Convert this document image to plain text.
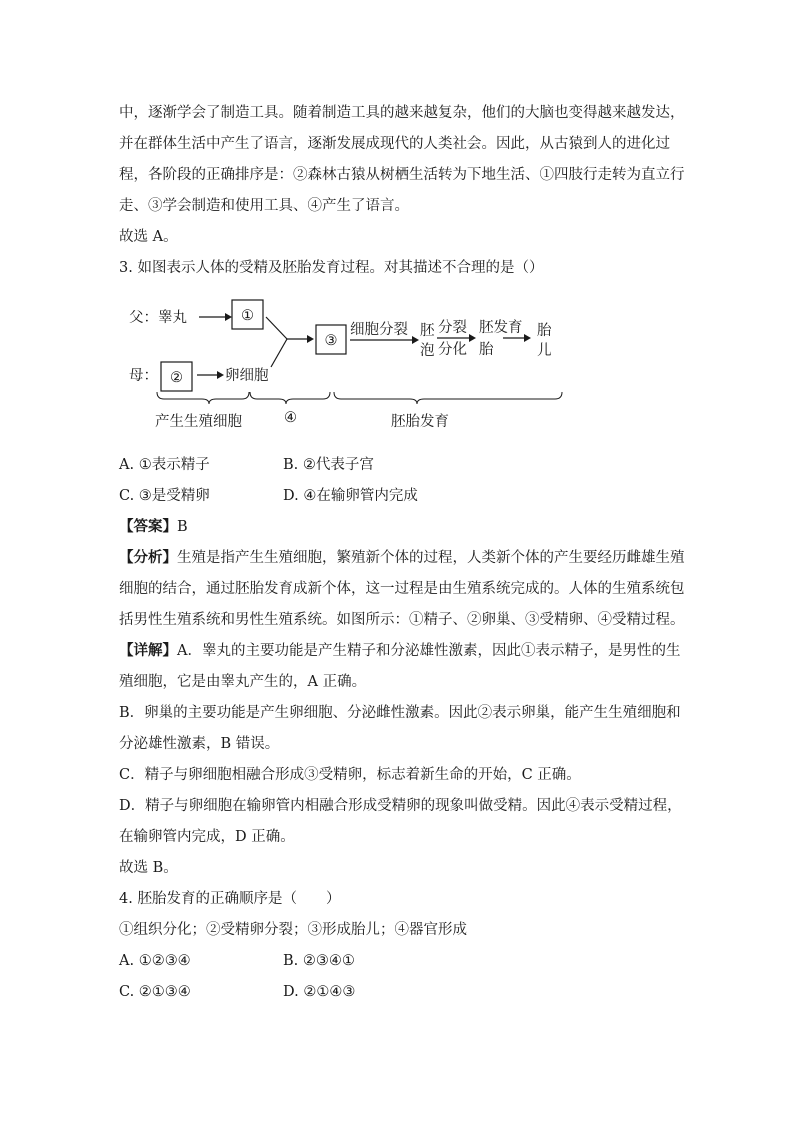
中，逐渐学会了制造工具。随着制造工具的越来越复杂，他们的大脑也变得越来越发达，
并在群体生活中产生了语言，逐渐发展成现代的人类社会。因此，从古猿到人的进化过
程，各阶段的正确排序是：②森林古猿从树栖生活转为下地生活、①四肢行走转为直立行
走、③学会制造和使用工具、④产生了语言。
故选 A。
3. 如图表示人体的受精及胚胎发育过程。对其描述不合理的是（）
父：睾丸	①
母： ②	卵细胞
③
细胞分裂 胚
泡
分裂
分化
胚发育
胎
胎
儿
产生生殖细胞	④	胚胎发育
A. ①表示精子	B. ②代表子宫
C. ③是受精卵	D. ④在输卵管内完成
【答案】B
【分析】生殖是指产生生殖细胞，繁殖新个体的过程，人类新个体的产生要经历雌雄生殖
细胞的结合，通过胚胎发育成新个体，这一过程是由生殖系统完成的。人体的生殖系统包
括男性生殖系统和男性生殖系统。如图所示：①精子、②卵巢、③受精卵、④受精过程。
【详解】A．睾丸的主要功能是产生精子和分泌雄性激素，因此①表示精子，是男性的生
殖细胞，它是由睾丸产生的，A 正确。
B．卵巢的主要功能是产生卵细胞、分泌雌性激素。因此②表示卵巢，能产生生殖细胞和
分泌雄性激素，B 错误。
C．精子与卵细胞相融合形成③受精卵，标志着新生命的开始，C 正确。
D．精子与卵细胞在输卵管内相融合形成受精卵的现象叫做受精。因此④表示受精过程，
在输卵管内完成，D 正确。
故选 B。
4. 胚胎发育的正确顺序是（　　）
①组织分化；②受精卵分裂；③形成胎儿；④器官形成
A. ①②③④	B. ②③④①
C. ②①③④	D. ②①④③
